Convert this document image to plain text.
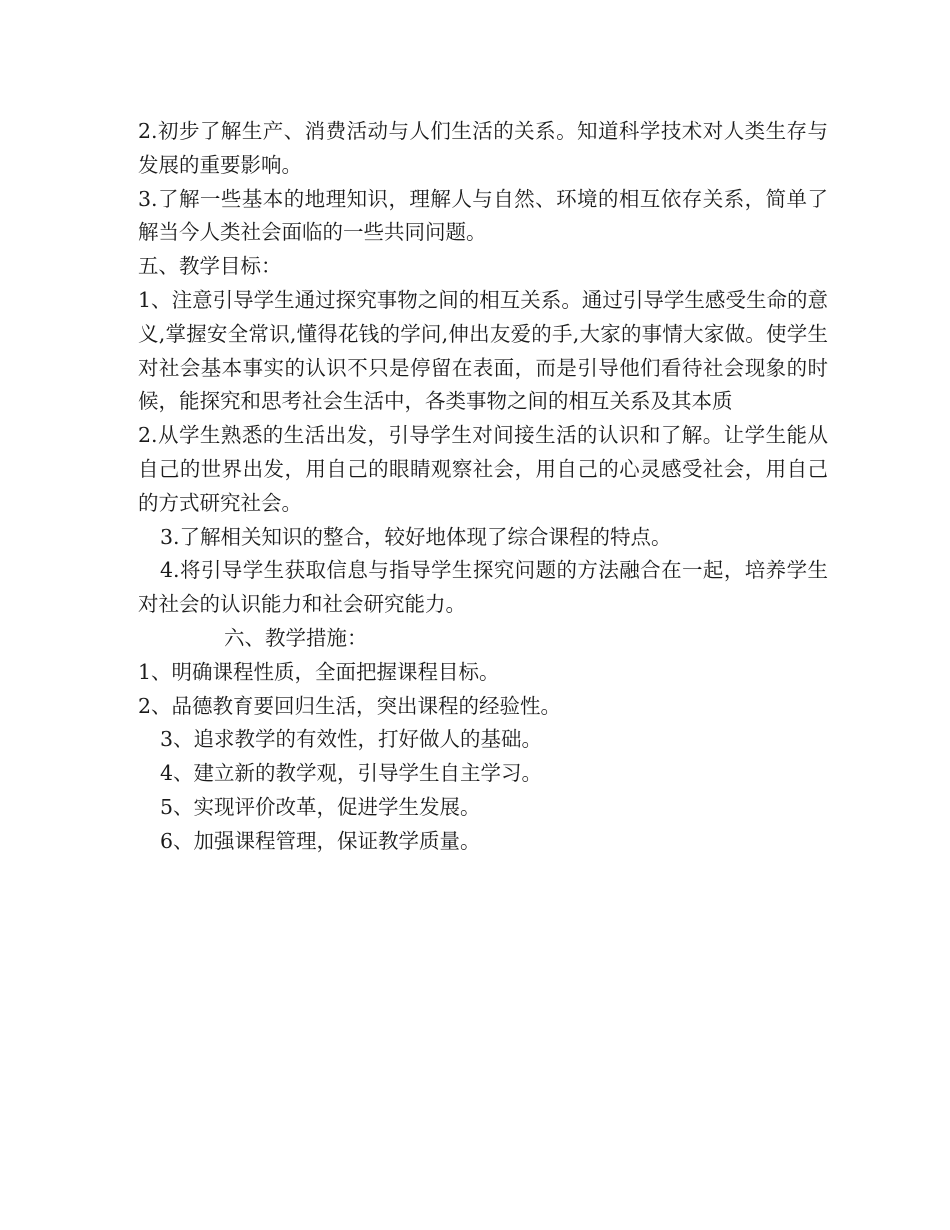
2.初步了解生产、消费活动与人们生活的关系。知道科学技术对人类生存与发展的重要影响。

3.了解一些基本的地理知识，理解人与自然、环境的相互依存关系，简单了解当今人类社会面临的一些共同问题。

五、教学目标：

1、注意引导学生通过探究事物之间的相互关系。通过引导学生感受生命的意义,掌握安全常识,懂得花钱的学问,伸出友爱的手,大家的事情大家做。使学生对社会基本事实的认识不只是停留在表面，而是引导他们看待社会现象的时候，能探究和思考社会生活中，各类事物之间的相互关系及其本质

2.从学生熟悉的生活出发，引导学生对间接生活的认识和了解。让学生能从自己的世界出发，用自己的眼睛观察社会，用自己的心灵感受社会，用自己的方式研究社会。

3.了解相关知识的整合，较好地体现了综合课程的特点。

4.将引导学生获取信息与指导学生探究问题的方法融合在一起，培养学生对社会的认识能力和社会研究能力。

六、教学措施：

1、明确课程性质，全面把握课程目标。

2、品德教育要回归生活，突出课程的经验性。

3、追求教学的有效性，打好做人的基础。

4、建立新的教学观，引导学生自主学习。

5、实现评价改革，促进学生发展。

6、加强课程管理，保证教学质量。
